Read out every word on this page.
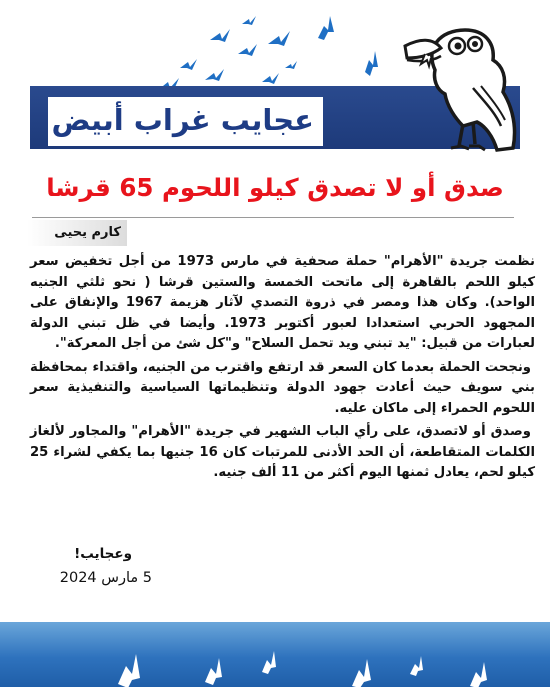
عجايب غراب أبيض
صدق أو لا تصدق كيلو اللحوم 65 قرشا
كارم يحيى

نظمت جريدة "الأهرام" حملة صحفية في مارس 1973 من أجل تخفيض سعر كيلو اللحم بالقاهرة إلى ماتحت الخمسة والستين قرشا ( نحو ثلثي الجنيه الواحد). وكان هذا ومصر في ذروة التصدي لآثار هزيمة 1967 والإنفاق على المجهود الحربي استعدادا لعبور أكتوبر 1973. وأيضا في ظل تبني الدولة لعبارات من قبيل: "يد تبني ويد تحمل السلاح" و"كل شئ من أجل المعركة".

ونجحت الحملة بعدما كان السعر قد ارتفع واقترب من الجنيه، واقتداء بمحافظة بني سويف حيث أعادت جهود الدولة وتنظيماتها السياسية والتنفيذية سعر اللحوم الحمراء إلى ماكان عليه.

وصدق أو لاتصدق، على رأي الباب الشهير في جريدة "الأهرام" والمجاور لألغاز الكلمات المتقاطعة، أن الحد الأدنى للمرتبات كان 16 جنيها بما يكفي لشراء 25 كيلو لحم، يعادل ثمنها اليوم أكثر من 11 ألف جنيه.

وعجايب!
5 مارس 2024
